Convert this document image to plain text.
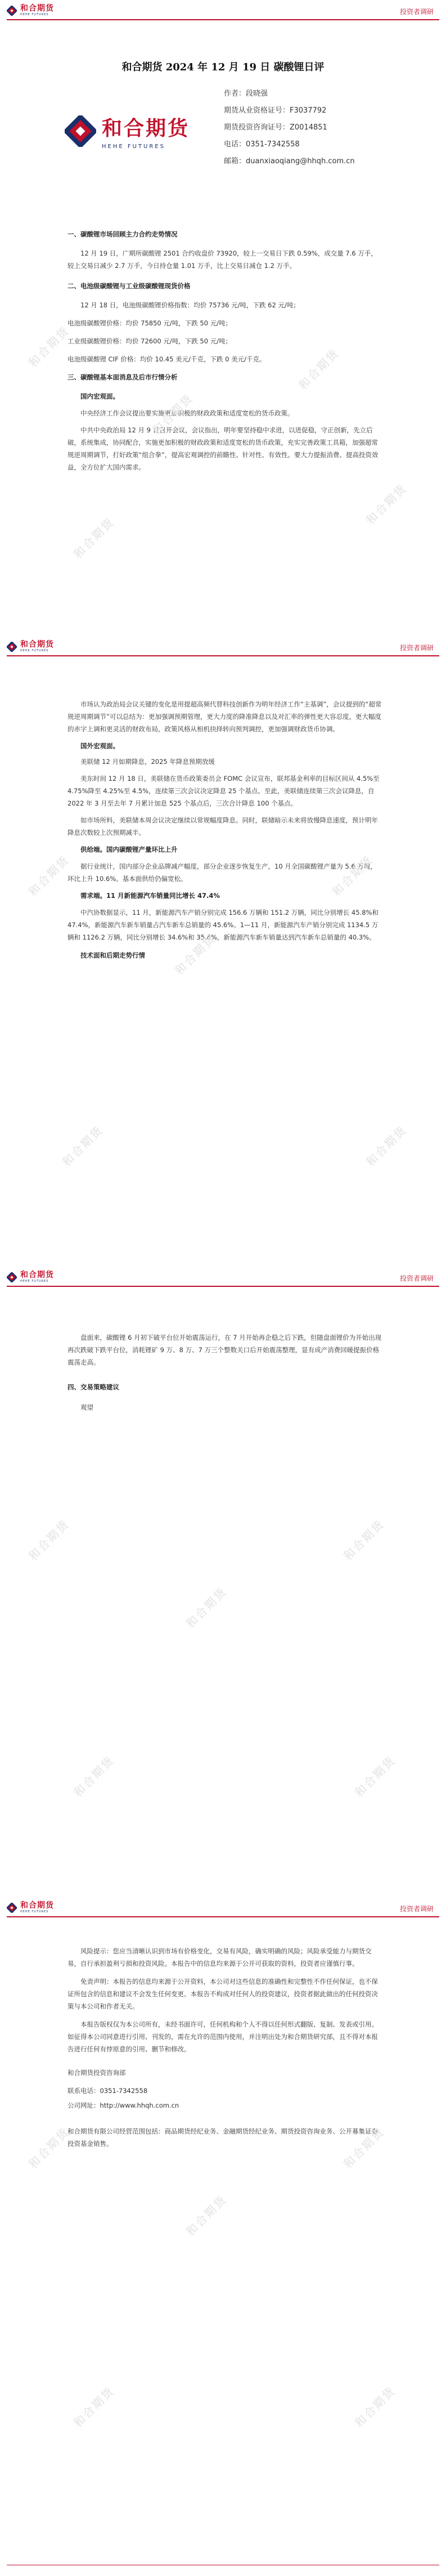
和合期货
HEHE FUTURES	投资者调研
和合期货 2024 年 12 月 19 日 碳酸锂日评
和合期货
HEHE FUTURES
作者：段晓强
期货从业资格证号：F3037792
期货投资咨询证号：Z0014851
电话：0351-7342558
邮箱：duanxiaoqiang@hhqh.com.cn

一、碳酸锂市场回顾主力合约走势情况

12 月 19 日，广期所碳酸锂 2501 合约收盘价 73920，较上一交易日下跌 0.59%，成交量 7.6 万手，较上交易日减少 2.7 万手，今日持仓量 1.01 万手，比上交易日减仓 1.2 万手。

二、电池级碳酸锂与工业级碳酸锂现货价格

12 月 18 日，电池级碳酸锂价格指数：均价 75736 元/吨，下跌 62 元/吨；

电池级碳酸锂价格：均价 75850 元/吨，下跌 50 元/吨；

工业级碳酸锂价格：均价 72600 元/吨，下跌 50 元/吨；

电池级碳酸锂 CIF 价格：均价 10.45 美元/千克，下跌 0 美元/千克。

三、碳酸锂基本面消息及后市行情分析

国内宏观面。

中央经济工作会议提出要实施更加积极的财政政策和适度宽松的货币政策。

中共中央政治局 12 月 9 日召开会议，会议指出，明年要坚持稳中求进，以进促稳，守正创新，先立后破，系统集成，协同配合，实施更加积极的财政政策和适度宽松的货币政策，充实完善政策工具箱，加强超常规逆周期调节，打好政策“组合拳”，提高宏观调控的前瞻性、针对性、有效性。要大力提振消费、提高投资效益，全方位扩大国内需求。

和合期货
和合期货
和合期货
和合期货
和合期货
和合期货
HEHE FUTURES	投资者调研

市场认为政治局会议关键的变化是用提超高频代替科技创新作为明年经济工作“主基调”，会议提到的“超常规逆周期调节”可以总结为：更加强调预期管理，更大力度的降准降息以及对汇率的弹性更大容忍度，更大幅度的赤字上调和更灵活的财政布局，政策风格从相机抉择转向预判调控，更加强调财政货币协调。

国外宏观面。

美联储 12 月如期降息，2025 年降息预期放缓

美东时间 12 月 18 日，美联储在货币政策委员会 FOMC 会议宣布，联邦基金利率的目标区间从 4.5%至 4.75%降至 4.25%至 4.5%，连续第三次会议决定降息 25 个基点。至此，美联储连续第三次会议降息，自 2022 年 3 月至去年 7 月累计加息 525 个基点后，三次合计降息 100 个基点。

如市场所料，美联储本周会议决定继续以常规幅度降息。同时，联储暗示未来将放慢降息速度，预计明年降息次数较上次预期减半。

供给端。国内碳酸锂产量环比上升

据行业统计，国内部分企业品牌减产幅度，部分企业逐步恢复生产，10 月全国碳酸锂产量为 5.6 万吨，环比上升 10.6%。基本面供给仍偏宽松。

需求端。11 月新能源汽车销量同比增长 47.4%

中汽协数据显示，11 月，新能源汽车产销分别完成 156.6 万辆和 151.2 万辆，同比分别增长 45.8%和 47.4%，新能源汽车新车销量占汽车新车总销量的 45.6%。1—11 月，新能源汽车产销分别完成 1134.5 万辆和 1126.2 万辆，同比分别增长 34.6%和 35.6%，新能源汽车新车销量达到汽车新车总销量的 40.3%。

技术面和后期走势行情

和合期货
和合期货
和合期货
和合期货
和合期货
和合期货
HEHE FUTURES	投资者调研

盘面来，碳酸锂 6 月初下破平台位开始震荡运行，在 7 月开始再企稳之后下跌，但随盘面锂价为开始出现再次跌破下跌平台位，消耗锂矿 9 万、8 万、7 万三个整数关口后开始震荡整理，显有成产消费回暖提振价格震荡走高。

四、交易策略建议

观望

和合期货
和合期货
和合期货
和合期货
和合期货
和合期货
HEHE FUTURES	投资者调研

风险提示：您应当清晰认识到市场有价格变化，交易有风险，确实明确的风险；风险承受能力与期货交易，自行承担盈利亏损和投资风险。本报告中的信息均来源于公开可获取的资料，投资者应谨慎行事。

免责声明：本报告的信息均来源于公开资料，本公司对这些信息的准确性和完整性不作任何保证，也不保证所包含的信息和建议不会发生任何变更。本报告不构成对任何人的投资建议，投资者据此做出的任何投资决策与本公司和作者无关。

本报告版权仅为本公司所有，未经书面许可，任何机构和个人不得以任何形式翻版、复制、发表或引用。如征得本公司同意进行引用、刊发的，需在允许的范围内使用，并注明出处为和合期货研究部，且不得对本报告进行任何有悖原意的引用、删节和修改。

和合期货投资咨询部

联系电话：0351-7342558

公司网址：http://www.hhqh.com.cn

和合期货有限公司经营范围包括：商品期货经纪业务、金融期货经纪业务、期货投资咨询业务、公开募集证券投资基金销售。

和合期货
和合期货
和合期货
和合期货
和合期货
